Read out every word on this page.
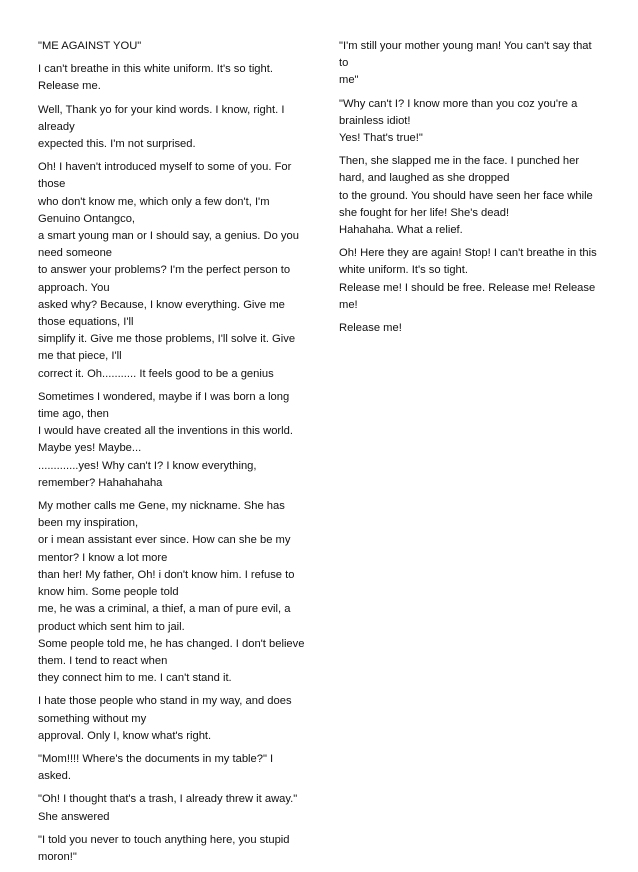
"ME AGAINST YOU"

I can't breathe in this white uniform. It's so tight.
Release me.

Well, Thank yo for your kind words. I know, right. I
already
expected this. I'm not surprised.

Oh! I haven't introduced myself to some of you. For
those
who don't know me, which only a few don't, I'm
Genuino Ontangco,
a smart young man or I should say, a genius. Do you
need someone
to answer your problems? I'm the perfect person to
approach. You
asked why? Because, I know everything. Give me
those equations, I'll
simplify it. Give me those problems, I'll solve it. Give
me that piece, I'll
correct it. Oh........... It feels good to be a genius

Sometimes I wondered, maybe if I was born a long
time ago, then
I would have created all the inventions in this world.
Maybe yes! Maybe...
.............yes! Why can't I? I know everything,
remember? Hahahahaha

My mother calls me Gene, my nickname. She has
been my inspiration,
or i mean assistant ever since. How can she be my
mentor? I know a lot more
than her! My father, Oh! i don't know him. I refuse to
know him. Some people told
me, he was a criminal, a thief, a man of pure evil, a
product which sent him to jail.
Some people told me, he has changed. I don't believe
them. I tend to react when
they connect him to me. I can't stand it.

I hate those people who stand in my way, and does
something without my
approval. Only I, know what's right.

"Mom!!!! Where's the documents in my table?" I
asked.

"Oh! I thought that's a trash, I already threw it away."
She answered

"I told you never to touch anything here, you stupid
moron!"

"I'm still your mother young man! You can't say that to
me"

"Why can't I? I know more than you coz you're a
brainless idiot!
Yes! That's true!"

Then, she slapped me in the face. I punched her
hard, and laughed as she dropped
to the ground. You should have seen her face while
she fought for her life! She's dead!
Hahahaha. What a relief.

Oh! Here they are again! Stop! I can't breathe in this
white uniform. It's so tight.
Release me! I should be free. Release me! Release
me!

Release me!
